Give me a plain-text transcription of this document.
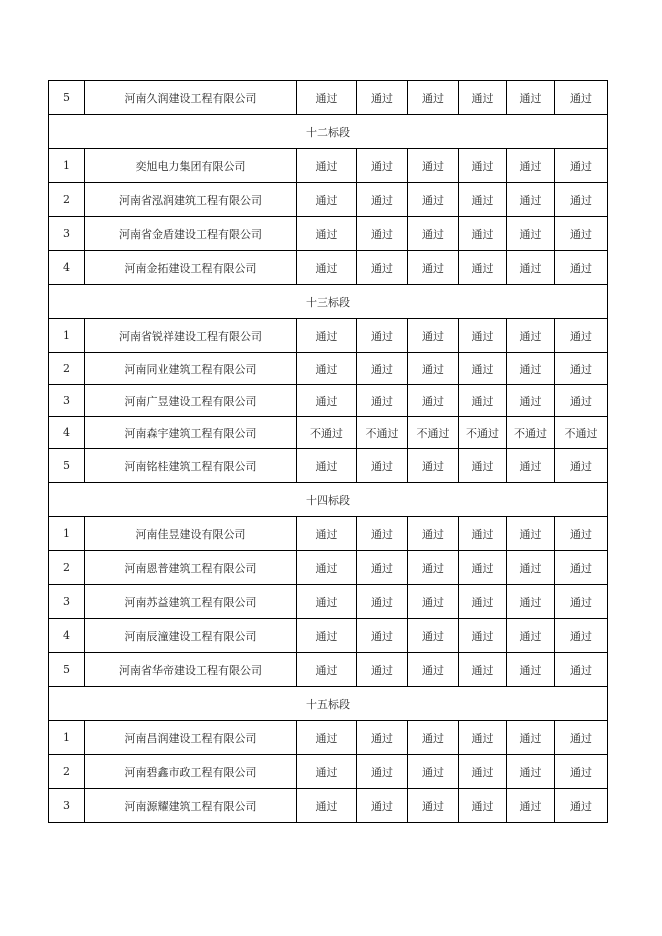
5	河南久润建设工程有限公司	通过	通过	通过	通过	通过	通过
十二标段							
1	奕旭电力集团有限公司	通过	通过	通过	通过	通过	通过
2	河南省泓润建筑工程有限公司	通过	通过	通过	通过	通过	通过
3	河南省金盾建设工程有限公司	通过	通过	通过	通过	通过	通过
4	河南金拓建设工程有限公司	通过	通过	通过	通过	通过	通过
十三标段							
1	河南省锐祥建设工程有限公司	通过	通过	通过	通过	通过	通过
2	河南同业建筑工程有限公司	通过	通过	通过	通过	通过	通过
3	河南广昱建设工程有限公司	通过	通过	通过	通过	通过	通过
4	河南森宇建筑工程有限公司	不通过	不通过	不通过	不通过	不通过	不通过
5	河南铭桂建筑工程有限公司	通过	通过	通过	通过	通过	通过
十四标段							
1	河南佳昱建设有限公司	通过	通过	通过	通过	通过	通过
2	河南恩普建筑工程有限公司	通过	通过	通过	通过	通过	通过
3	河南苏益建筑工程有限公司	通过	通过	通过	通过	通过	通过
4	河南辰潼建设工程有限公司	通过	通过	通过	通过	通过	通过
5	河南省华帝建设工程有限公司	通过	通过	通过	通过	通过	通过
十五标段							
1	河南昌润建设工程有限公司	通过	通过	通过	通过	通过	通过
2	河南碧鑫市政工程有限公司	通过	通过	通过	通过	通过	通过
3	河南源耀建筑工程有限公司	通过	通过	通过	通过	通过	通过
